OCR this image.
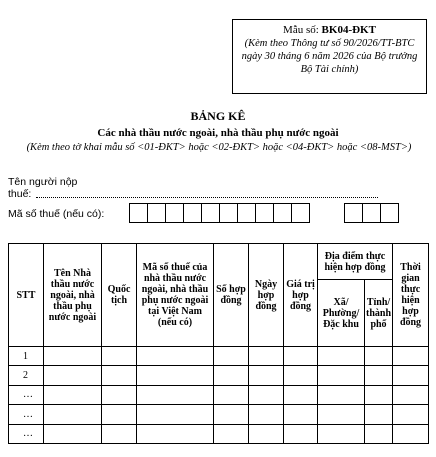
Mẫu số: BK04-ĐKT
(Kèm theo Thông tư số 90/2026/TT-BTC ngày 30 tháng 6 năm 2026 của Bộ trưởng Bộ Tài chính)
BẢNG KÊ
Các nhà thầu nước ngoài, nhà thầu phụ nước ngoài
(Kèm theo tờ khai mẫu số <01-ĐKT> hoặc <02-ĐKT> hoặc <04-ĐKT> hoặc <08-MST>)
Tên người nộp
thuế:
Mã số thuế (nếu có):
STT	Tên Nhà thầu nước ngoài, nhà thầu phụ nước ngoài	Quốc tịch	Mã số thuế của nhà thầu nước ngoài, nhà thầu phụ nước ngoài tại Việt Nam (nếu có)	Số hợp đồng	Ngày hợp đồng	Giá trị hợp đồng	Địa điểm thực hiện hợp đồng		Thời gian thực hiện hợp đồng
							Xã/ Phường/ Đặc khu	Tỉnh/ thành phố	
1									
2									
…									
…									
…									
